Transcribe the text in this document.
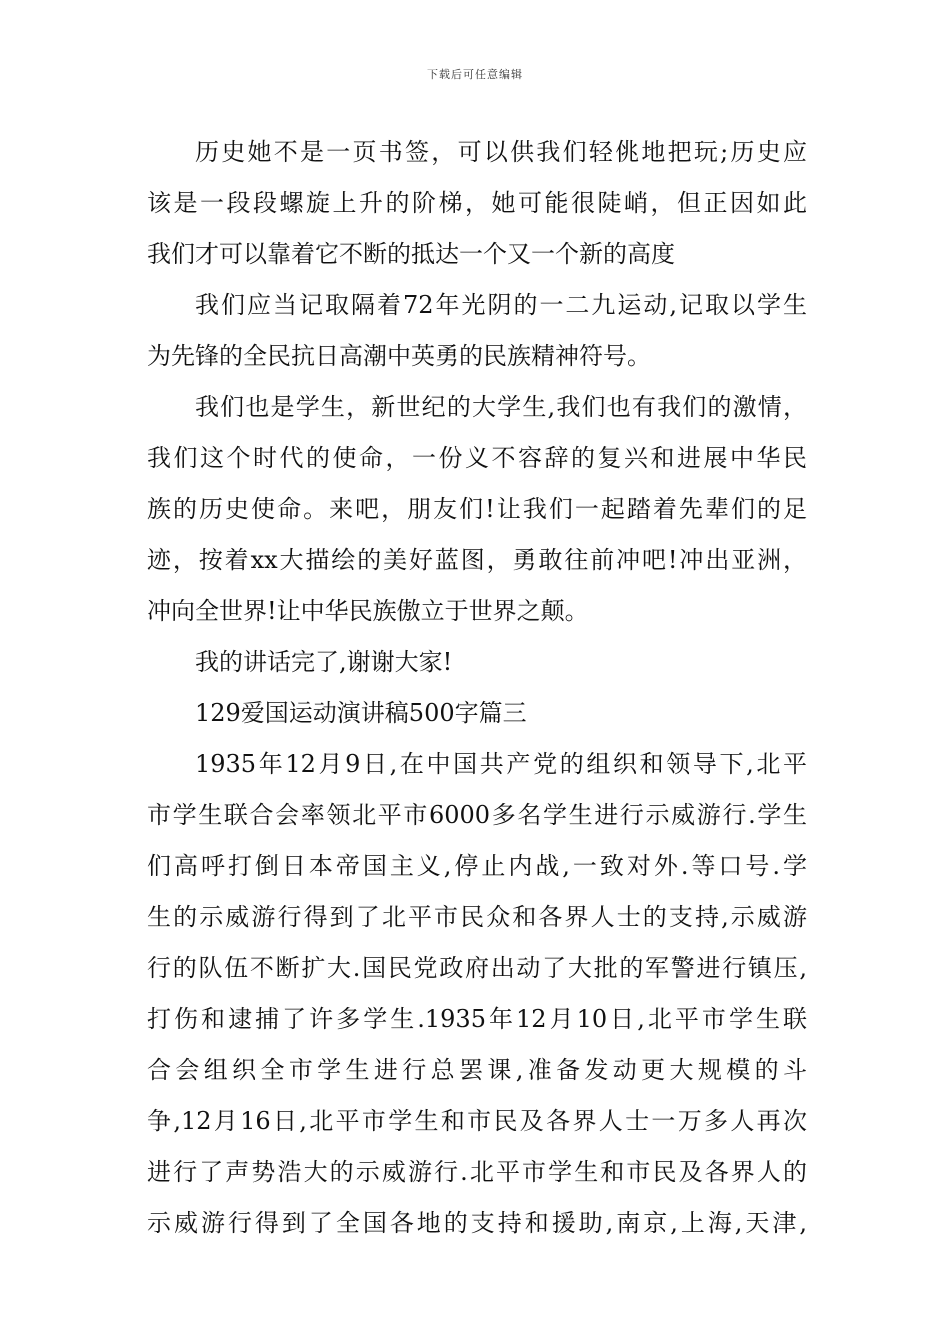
下载后可任意编辑
历史她不是一页书签，可以供我们轻佻地把玩;历史应
该是一段段螺旋上升的阶梯，她可能很陡峭，但正因如此
我们才可以靠着它不断的抵达一个又一个新的高度
我们应当记取隔着72年光阴的一二九运动,记取以学生
为先锋的全民抗日高潮中英勇的民族精神符号。
我们也是学生，新世纪的大学生,我们也有我们的激情，
我们这个时代的使命，一份义不容辞的复兴和进展中华民
族的历史使命。来吧，朋友们!让我们一起踏着先辈们的足
迹，按着xx大描绘的美好蓝图，勇敢往前冲吧!冲出亚洲，
冲向全世界!让中华民族傲立于世界之颠。
我的讲话完了,谢谢大家!
129爱国运动演讲稿500字篇三
1935年12月9日,在中国共产党的组织和领导下,北平
市学生联合会率领北平市6000多名学生进行示威游行.学生
们高呼打倒日本帝国主义,停止内战,一致对外.等口号.学
生的示威游行得到了北平市民众和各界人士的支持,示威游
行的队伍不断扩大.国民党政府出动了大批的军警进行镇压,
打伤和逮捕了许多学生.1935年12月10日,北平市学生联
合会组织全市学生进行总罢课,准备发动更大规模的斗
争,12月16日,北平市学生和市民及各界人士一万多人再次
进行了声势浩大的示威游行.北平市学生和市民及各界人的
示威游行得到了全国各地的支持和援助,南京,上海,天津,
